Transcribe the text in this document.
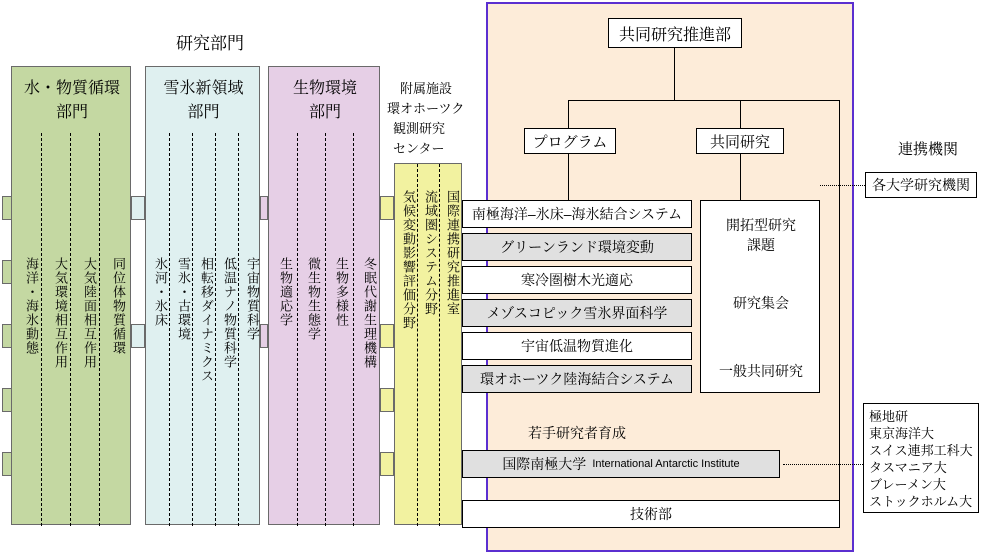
研究部門
附属施設
環オホーツク
観測研究
センター	連携機関
水・物質循環
部門
同位体物質循環
大気陸面相互作用
大気環境相互作用
海洋・海氷動態
雪氷新領域
部門
宇宙物質科学
低温ナノ物質科学
相転移ダイナミクス
雪氷・古環境
氷河・氷床
生物環境
部門
冬眠代謝生理機構
生物多様性
微生物生態学
生物適応学	国際連携研究推進室
流域圏システム分野
気候変動影響評価分野
共同研究推進部
プログラム	共同研究
南極海洋–氷床–海氷結合システム
グリーンランド環境変動
寒冷圏樹木光適応
メゾスコピック雪氷界面科学
宇宙低温物質進化
環オホーツク陸海結合システム
若手研究者育成
国際南極大学 International Antarctic Institute
開拓型研究
課題
研究集会
一般共同研究
技術部
各大学研究機関
極地研
東京海洋大
スイス連邦工科大
タスマニア大
ブレーメン大
ストックホルム大
